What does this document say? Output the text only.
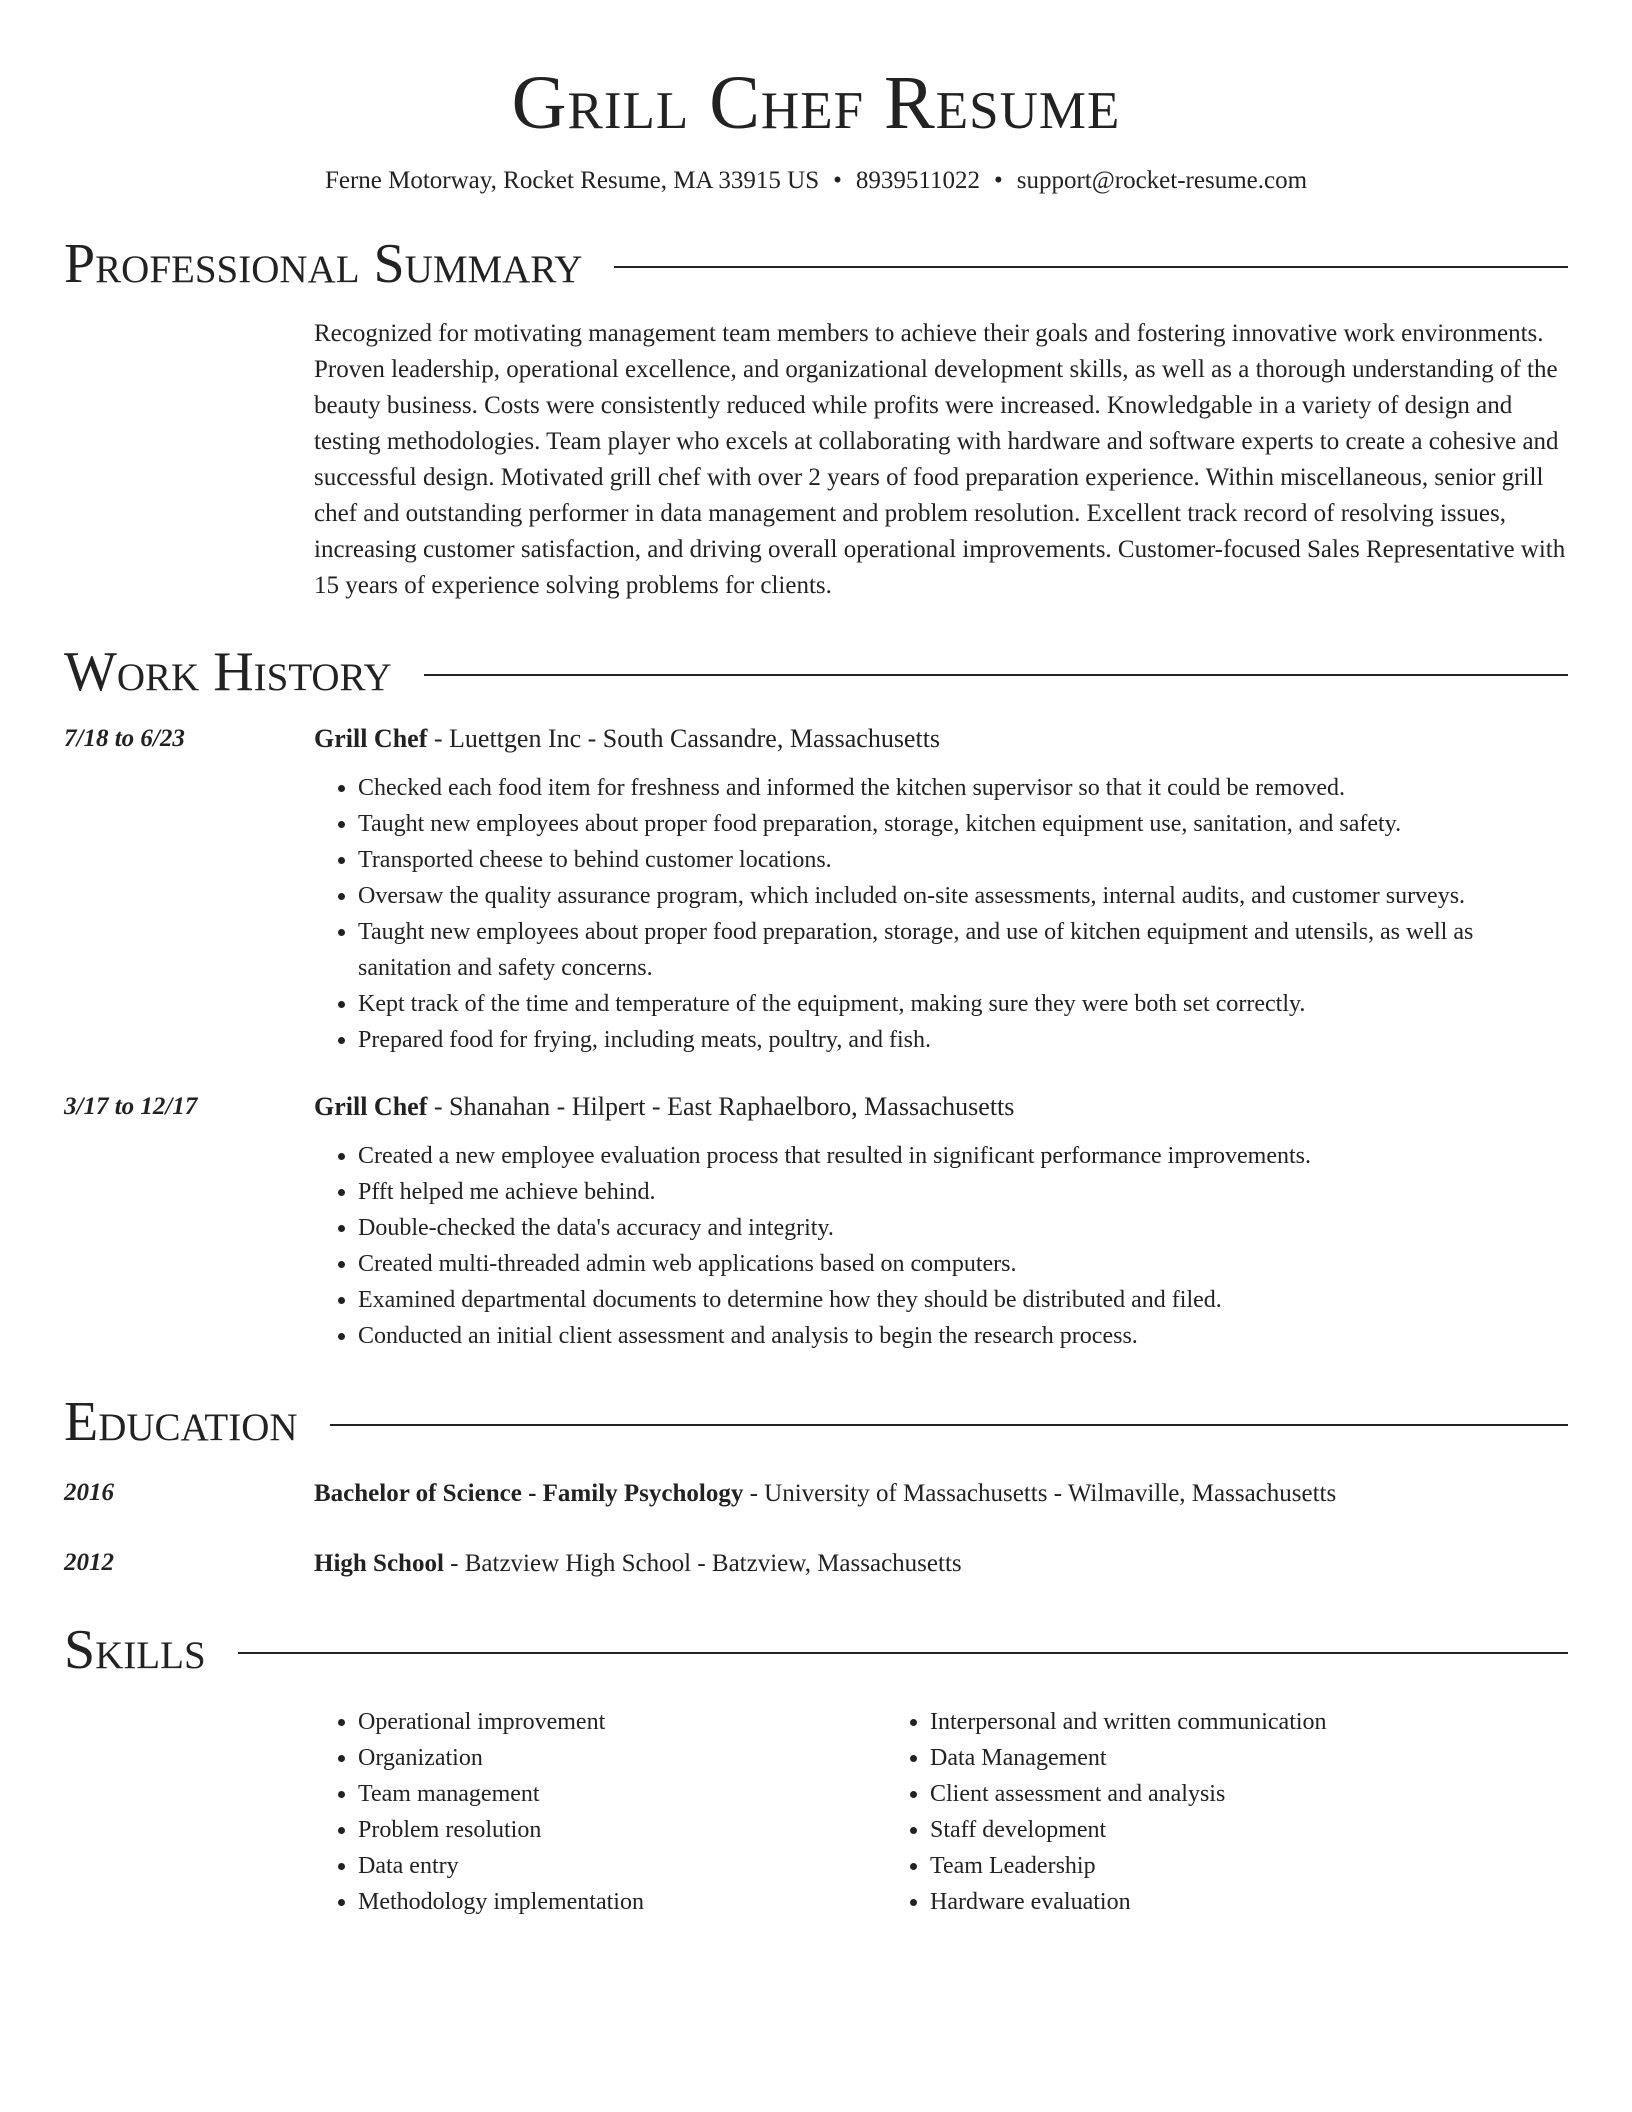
Grill Chef Resume
Ferne Motorway, Rocket Resume, MA 33915 US • 8939511022 • support@rocket-resume.com
Professional Summary
Recognized for motivating management team members to achieve their goals and fostering innovative work environments. Proven leadership, operational excellence, and organizational development skills, as well as a thorough understanding of the beauty business. Costs were consistently reduced while profits were increased. Knowledgable in a variety of design and testing methodologies. Team player who excels at collaborating with hardware and software experts to create a cohesive and successful design. Motivated grill chef with over 2 years of food preparation experience. Within miscellaneous, senior grill chef and outstanding performer in data management and problem resolution. Excellent track record of resolving issues, increasing customer satisfaction, and driving overall operational improvements. Customer-focused Sales Representative with 15 years of experience solving problems for clients.
Work History
7/18 to 6/23	Grill Chef - Luettgen Inc - South Cassandre, Massachusetts
• Checked each food item for freshness and informed the kitchen supervisor so that it could be removed.
• Taught new employees about proper food preparation, storage, kitchen equipment use, sanitation, and safety.
• Transported cheese to behind customer locations.
• Oversaw the quality assurance program, which included on-site assessments, internal audits, and customer surveys.
• Taught new employees about proper food preparation, storage, and use of kitchen equipment and utensils, as well as sanitation and safety concerns.
• Kept track of the time and temperature of the equipment, making sure they were both set correctly.
• Prepared food for frying, including meats, poultry, and fish.
3/17 to 12/17	Grill Chef - Shanahan - Hilpert - East Raphaelboro, Massachusetts
• Created a new employee evaluation process that resulted in significant performance improvements.
• Pfft helped me achieve behind.
• Double-checked the data's accuracy and integrity.
• Created multi-threaded admin web applications based on computers.
• Examined departmental documents to determine how they should be distributed and filed.
• Conducted an initial client assessment and analysis to begin the research process.
Education
2016	Bachelor of Science - Family Psychology - University of Massachusetts - Wilmaville, Massachusetts
2012	High School - Batzview High School - Batzview, Massachusetts
Skills
• Operational improvement
• Organization
• Team management
• Problem resolution
• Data entry
• Methodology implementation
• Interpersonal and written communication
• Data Management
• Client assessment and analysis
• Staff development
• Team Leadership
• Hardware evaluation
